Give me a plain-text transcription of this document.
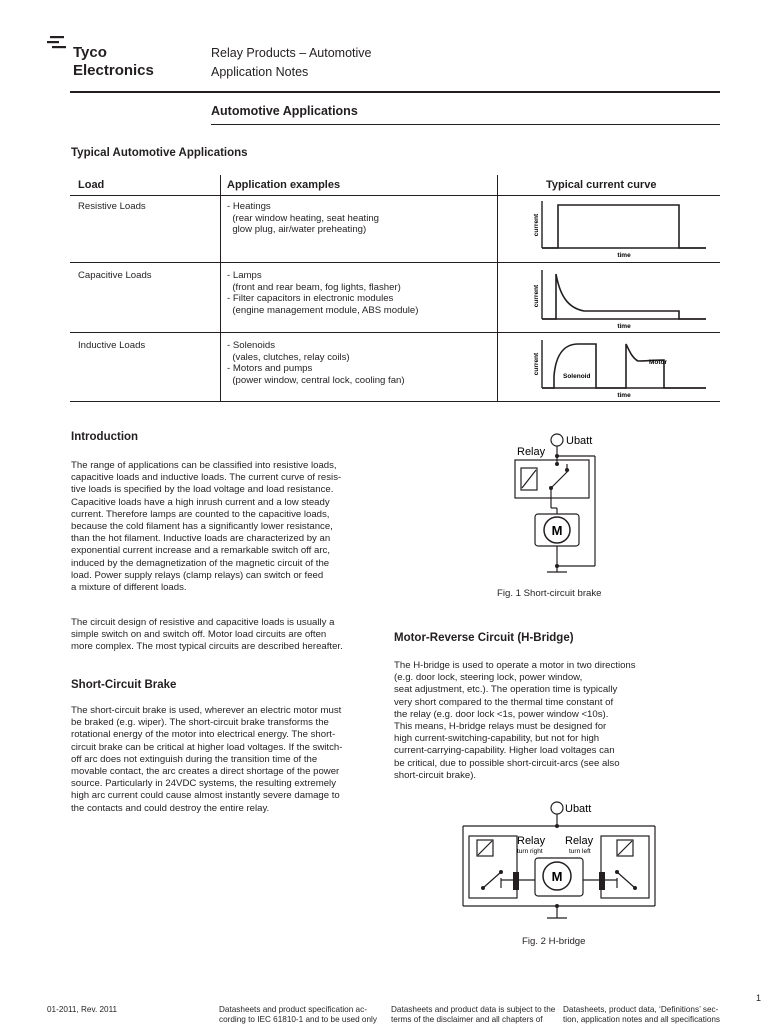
Tyco
Electronics
Relay Products – Automotive
Application Notes
Automotive Applications
Typical Automotive Applications
Load	Application examples	Typical current curve
Resistive Loads	- Heatings
(rear window heating, seat heating
glow plug, air/water preheating)
Capacitive Loads	- Lamps
(front and rear beam, fog lights, flasher)
- Filter capacitors in electronic modules
(engine management module, ABS module)
Inductive Loads	- Solenoids
(vales, clutches, relay coils)
- Motors and pumps
(power window, central lock, cooling fan)
current
time
current
time
current
time
Solenoid
Motor
Introduction

The range of applications can be classified into resistive loads,

capacitive loads and inductive loads. The current curve of resis-

tive loads is specified by the load voltage and load resistance.

Capacitive loads have a high inrush current and a low steady

current. Therefore lamps are counted to the capacitive loads,

because the cold filament has a significantly lower resistance,

than the hot filament. Inductive loads are characterized by an

exponential current increase and a remarkable switch off arc,

induced by the demagnetization of the magnetic circuit of the

load. Power supply relays (clamp relays) can switch or feed

a mixture of different loads.

The circuit design of resistive and capacitive loads is usually a

simple switch on and switch off. Motor load circuits are often

more complex. The most typical circuits are described hereafter.

Short-Circuit Brake

The short-circuit brake is used, wherever an electric motor must

be braked (e.g. wiper). The short-circuit brake transforms the

rotational energy of the motor into electrical energy. The short-

circuit brake can be critical at higher load voltages. If the switch-

off arc does not extinguish during the transition time of the

movable contact, the arc creates a direct shortage of the power

source. Particularly in 24VDC systems, the resulting extremely

high arc current could cause almost instantly severe damage to

the contacts and could destroy the entire relay.

M
Ubatt
Relay
Fig. 1 Short-circuit brake
Motor-Reverse Circuit (H-Bridge)

The H-bridge is used to operate a motor in two directions

(e.g. door lock, steering lock, power window,

seat adjustment, etc.). The operation time is typically

very short compared to the thermal time constant of

the relay (e.g. door lock <1s, power window <10s).

This means, H-bridge relays must be designed for

high current-switching-capability, but not for high

current-carrying-capability. Higher load voltages can

be critical, due to possible short-circuit-arcs (see also

short-circuit brake).

M
Ubatt
Relay
turn right
Relay
turn left
Fig. 2 H-bridge
1
01-2011, Rev. 2011	Datasheets and product specification ac-
cording to IEC 61810-1 and to be used only
Datasheets and product data is subject to the
terms of the disclaimer and all chapters of
Datasheets, product data, ‘Definitions’ sec-
tion, application notes and all specifications
